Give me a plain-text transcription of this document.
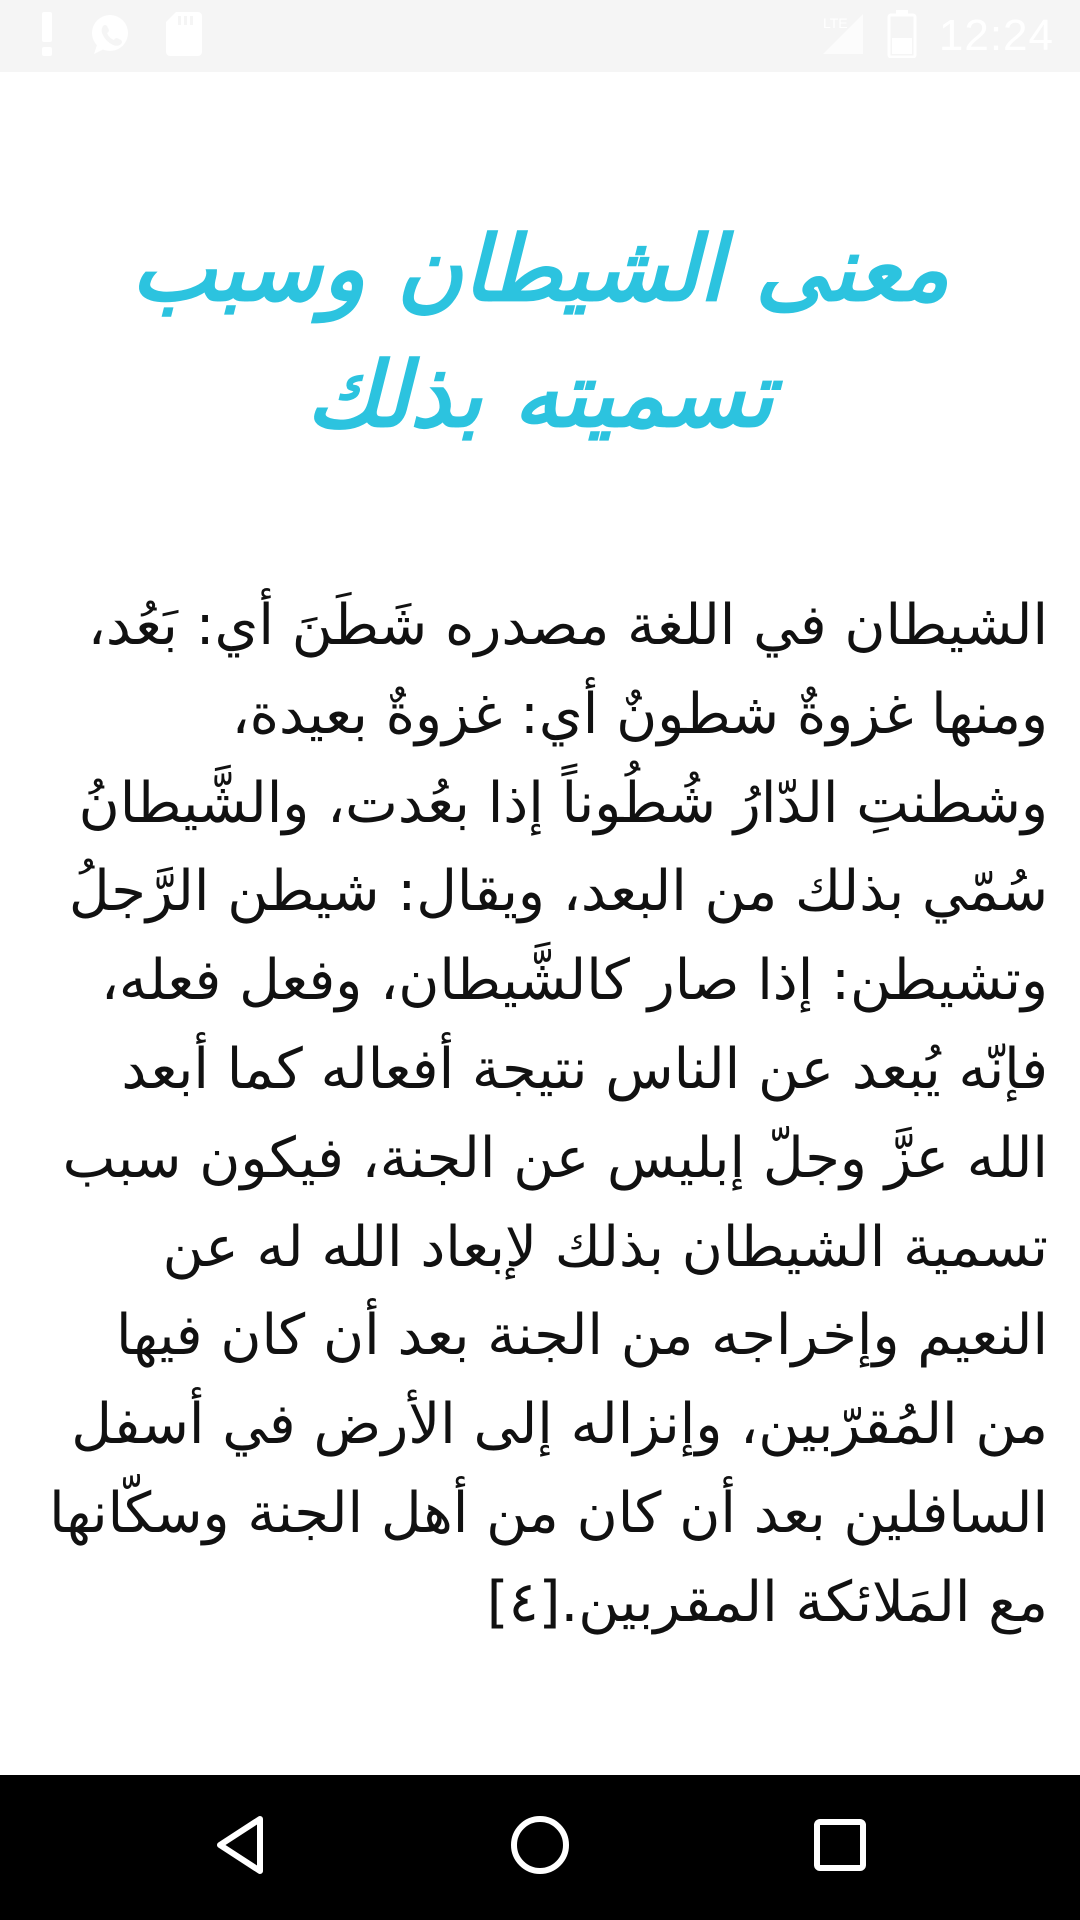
LTE 12:24
معنى الشيطان وسبب تسميته بذلك

الشيطان في اللغة مصدره شَطَنَ أي: بَعُد، ومنها غزوةٌ شطونٌ أي: غزوةٌ بعيدة، وشطنتِ الدّارُ شُطُوناً إذا بعُدت، والشَّيطانُ سُمّي بذلك من البعد، ويقال: شيطن الرَّجلُ وتشيطن: إذا صار كالشَّيطان، وفعل فعله، فإنّه يُبعد عن الناس نتيجة أفعاله كما أبعد الله عزَّ وجلّ إبليس عن الجنة، فيكون سبب تسمية الشيطان بذلك لإبعاد الله له عن النعيم وإخراجه من الجنة بعد أن كان فيها من المُقرّبين، وإنزاله إلى الأرض في أسفل السافلين بعد أن كان من أهل الجنة وسكّانها مع المَلائكة المقربين.[٤]
